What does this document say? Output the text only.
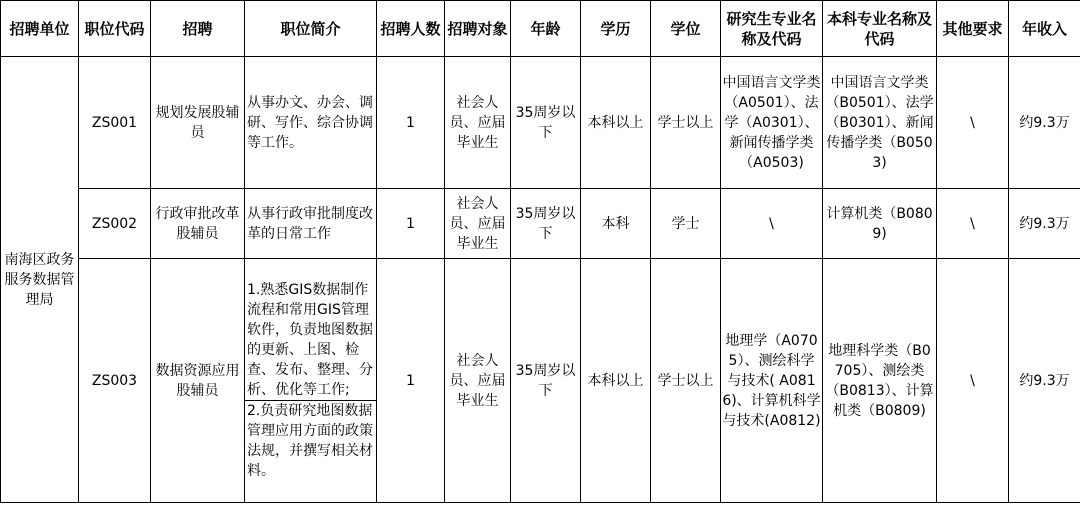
招聘单位	职位代码	招聘	职位简介	招聘人数	招聘对象	年龄	学历	学位	研究生专业名称及代码	本科专业名称及代码	其他要求	年收入
南海区政务服务数据管理局	ZS001	规划发展股辅员	从事办文、办会、调研、写作、综合协调等工作。	1	社会人员、应届毕业生	35周岁以下	本科以上	学士以上	中国语言文学类（A0501）、法学（A0301）、新闻传播学类（A0503)	中国语言文学类（B0501）、法学（B0301）、新闻传播学类（B0503)	\	约9.3万
	ZS002	行政审批改革股辅员	从事行政审批制度改革的日常工作	1	社会人员、应届毕业生	35周岁以下	本科	学士	\	计算机类（B0809)	\	约9.3万
	ZS003	数据资源应用股辅员	1.熟悉GIS数据制作流程和常用GIS管理软件，负责地图数据的更新、上图、检查、发布、整理、分析、优化等工作;
2.负责研究地图数据管理应用方面的政策法规，并撰写相关材料。	1	社会人员、应届毕业生	35周岁以下	本科以上	学士以上	地理学（A0705）、测绘科学与技术( A0816)、计算机科学与技术(A0812)	地理科学类（B0705）、测绘类（B0813）、计算机类（B0809)	\	约9.3万
